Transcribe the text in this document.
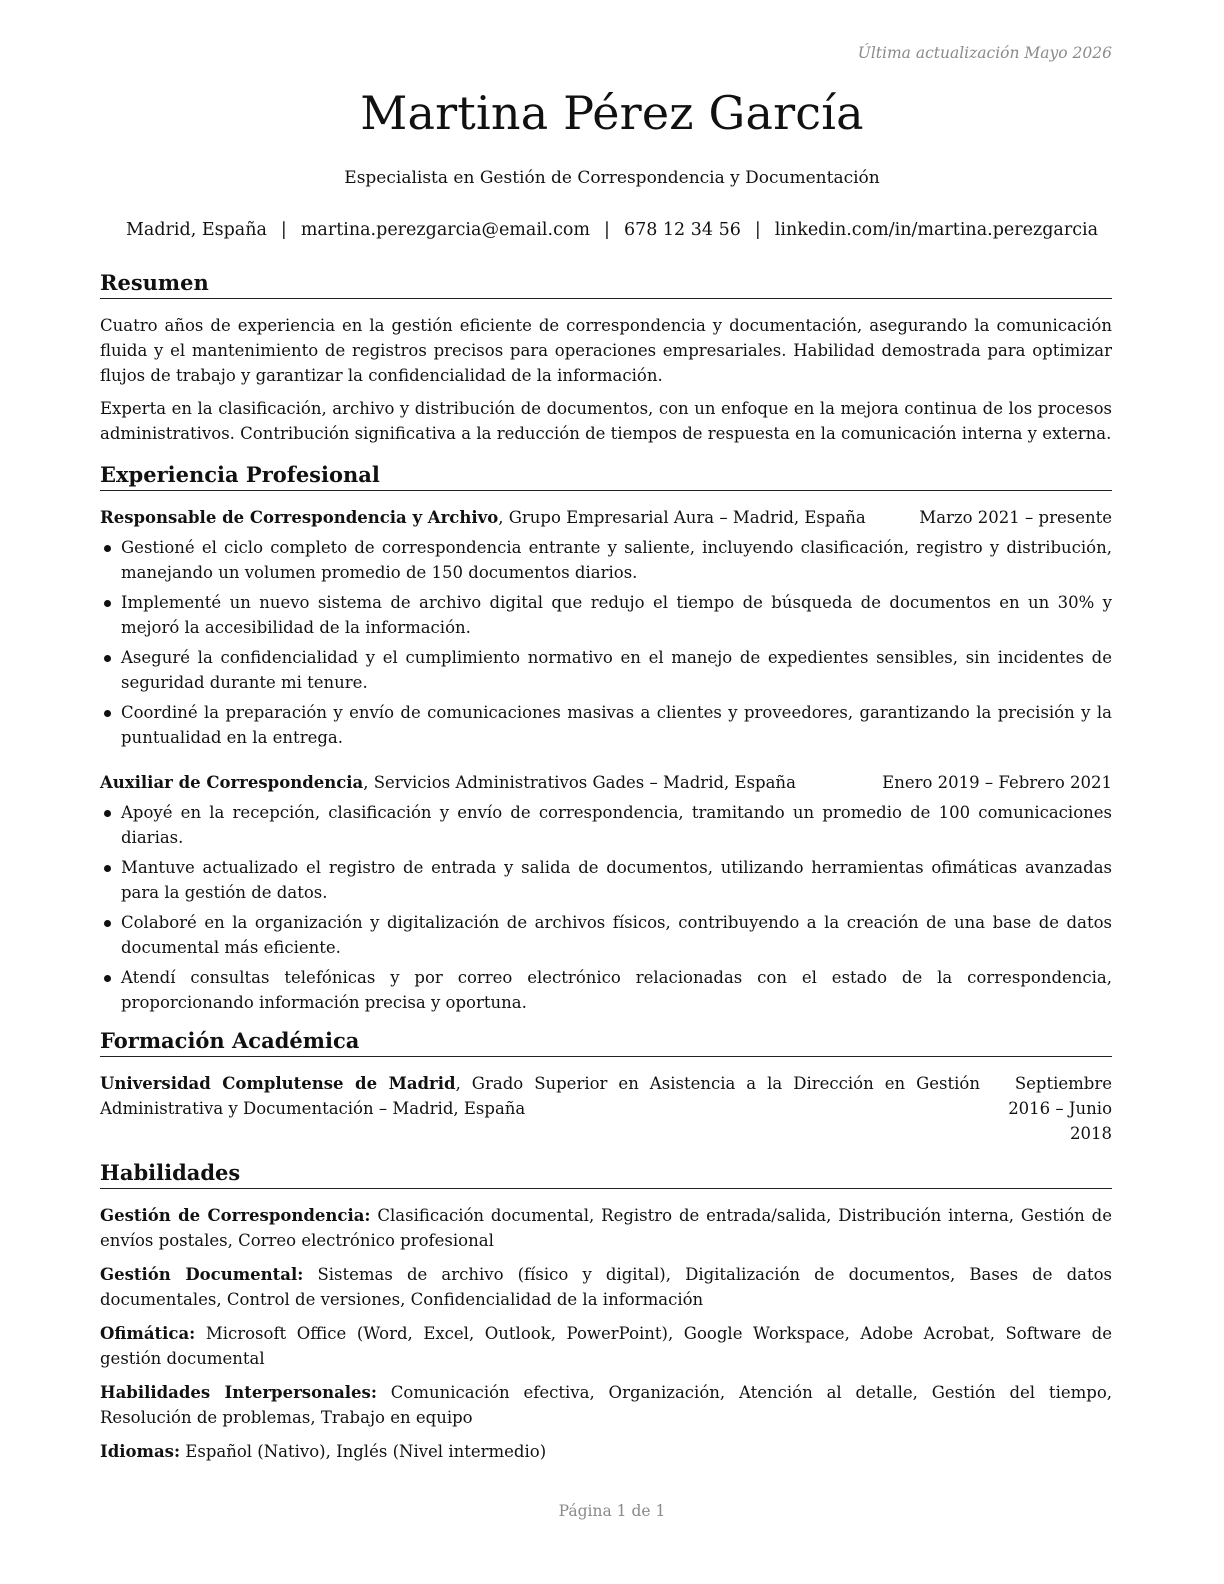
Última actualización Mayo 2026
Martina Pérez García
Especialista en Gestión de Correspondencia y Documentación
Madrid, España | martina.perezgarcia@email.com | 678 12 34 56 | linkedin.com/in/martina.perezgarcia
Resumen

Cuatro años de experiencia en la gestión eficiente de correspondencia y documentación, asegurando la comunicación fluida y el mantenimiento de registros precisos para operaciones empresariales. Habilidad demostrada para optimizar flujos de trabajo y garantizar la confidencialidad de la información.

Experta en la clasificación, archivo y distribución de documentos, con un enfoque en la mejora continua de los procesos administrativos. Contribución significativa a la reducción de tiempos de respuesta en la comunicación interna y externa.

Experiencia Profesional
Responsable de Correspondencia y Archivo, Grupo Empresarial Aura – Madrid, España	Marzo 2021 – presente
Gestioné el ciclo completo de correspondencia entrante y saliente, incluyendo clasificación, registro y distribución, manejando un volumen promedio de 150 documentos diarios.
Implementé un nuevo sistema de archivo digital que redujo el tiempo de búsqueda de documentos en un 30% y mejoró la accesibilidad de la información.
Aseguré la confidencialidad y el cumplimiento normativo en el manejo de expedientes sensibles, sin incidentes de seguridad durante mi tenure.
Coordiné la preparación y envío de comunicaciones masivas a clientes y proveedores, garantizando la precisión y la puntualidad en la entrega.
Auxiliar de Correspondencia, Servicios Administrativos Gades – Madrid, España	Enero 2019 – Febrero 2021
Apoyé en la recepción, clasificación y envío de correspondencia, tramitando un promedio de 100 comunicaciones diarias.
Mantuve actualizado el registro de entrada y salida de documentos, utilizando herramientas ofimáticas avanzadas para la gestión de datos.
Colaboré en la organización y digitalización de archivos físicos, contribuyendo a la creación de una base de datos documental más eficiente.
Atendí consultas telefónicas y por correo electrónico relacionadas con el estado de la correspondencia, proporcionando información precisa y oportuna.
Formación Académica
Universidad Complutense de Madrid, Grado Superior en Asistencia a la Dirección en Gestión Administrativa y Documentación – Madrid, España
Septiembre 2016 – Junio 2018
Habilidades

Gestión de Correspondencia: Clasificación documental, Registro de entrada/salida, Distribución interna, Gestión de envíos postales, Correo electrónico profesional

Gestión Documental: Sistemas de archivo (físico y digital), Digitalización de documentos, Bases de datos documentales, Control de versiones, Confidencialidad de la información

Ofimática: Microsoft Office (Word, Excel, Outlook, PowerPoint), Google Workspace, Adobe Acrobat, Software de gestión documental

Habilidades Interpersonales: Comunicación efectiva, Organización, Atención al detalle, Gestión del tiempo, Resolución de problemas, Trabajo en equipo

Idiomas: Español (Nativo), Inglés (Nivel intermedio)

Página 1 de 1
